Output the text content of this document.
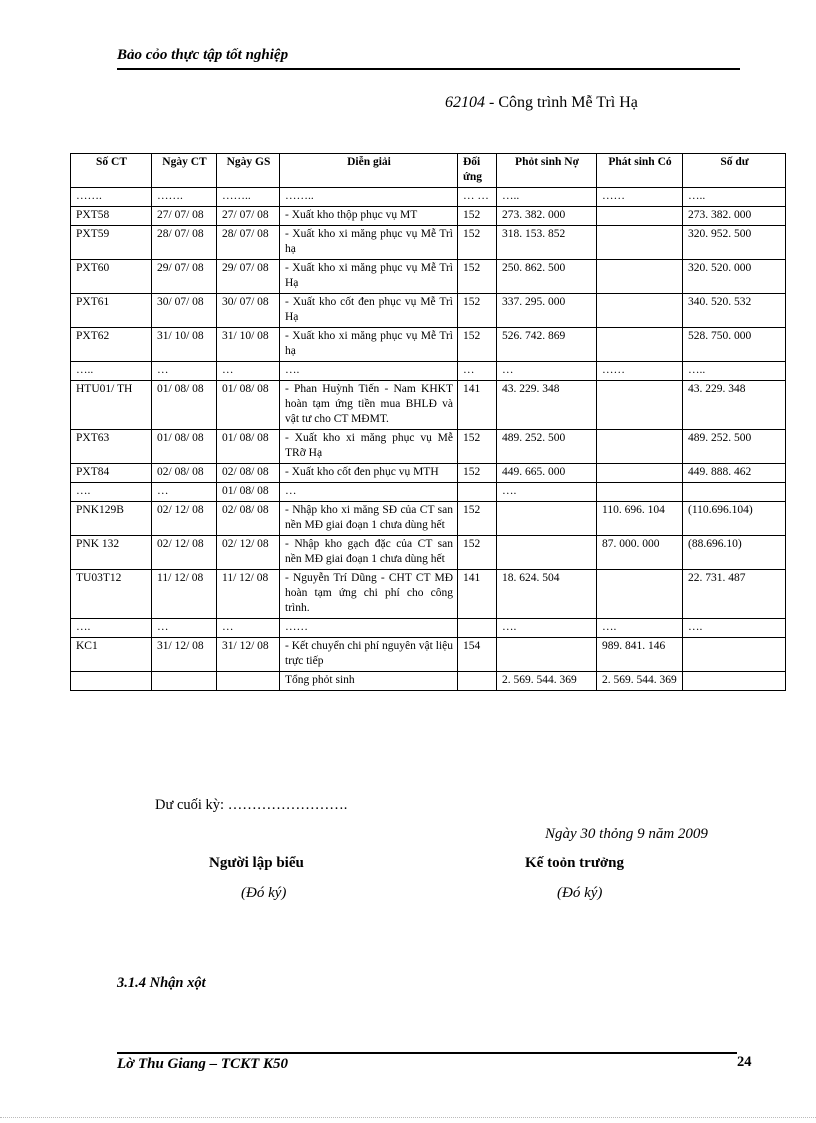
Bảo cỏo thực tập tốt nghiệp
62104 - Công trình Mễ Trì Hạ
Số CT	Ngày CT	Ngày GS	Diễn giải	Đối ứng	Phỏt sinh Nợ	Phát sinh Có	Số dư
…….	…….	……..	……..	… …	…..	……	…..
PXT58	27/ 07/ 08	27/ 07/ 08	- Xuất kho thộp phục vụ MT	152	273. 382. 000		273. 382. 000
PXT59	28/ 07/ 08	28/ 07/ 08	- Xuất kho xi măng phục vụ Mễ Trì hạ	152	318. 153. 852		320. 952. 500
PXT60	29/ 07/ 08	29/ 07/ 08	- Xuất kho xi măng phục vụ Mễ Trì Hạ	152	250. 862. 500		320. 520. 000
PXT61	30/ 07/ 08	30/ 07/ 08	- Xuất kho cốt đen phục vụ Mễ Trì Hạ	152	337. 295. 000		340. 520. 532
PXT62	31/ 10/ 08	31/ 10/ 08	- Xuất kho xi măng phục vụ Mễ Trì hạ	152	526. 742. 869		528. 750. 000
…..	…	…	….	…	…	……	…..
HTU01/ TH	01/ 08/ 08	01/ 08/ 08	- Phan Huỳnh Tiến - Nam KHKT hoàn tạm ứng tiền mua BHLĐ và vật tư cho CT MĐMT.	141	43. 229. 348		43. 229. 348
PXT63	01/ 08/ 08	01/ 08/ 08	- Xuất kho xi măng phục vụ Mễ TRỡ Hạ	152	489. 252. 500		489. 252. 500
PXT84	02/ 08/ 08	02/ 08/ 08	- Xuất kho cốt đen phục vụ MTH	152	449. 665. 000		449. 888. 462
….	…	01/ 08/ 08	…		….		
PNK129B	02/ 12/ 08	02/ 08/ 08	- Nhập kho xi măng SĐ của CT san nền MĐ giai đoạn 1 chưa dùng hết	152		110. 696. 104	(110.696.104)
PNK 132	02/ 12/ 08	02/ 12/ 08	- Nhập kho gạch đặc của CT san nền MĐ giai đoạn 1 chưa dùng hết	152		87. 000. 000	(88.696.10)
TU03T12	11/ 12/ 08	11/ 12/ 08	- Nguyễn Trí Dũng - CHT CT MĐ hoàn tạm ứng chi phí cho công trình.	141	18. 624. 504		22. 731. 487
….	…	…	……		….	….	….
KC1	31/ 12/ 08	31/ 12/ 08	- Kết chuyển chi phí nguyên vật liệu trực tiếp	154		989. 841. 146	
			Tổng phỏt sinh		2. 569. 544. 369	2. 569. 544. 369	
Dư cuối kỳ: …………………….
Ngày 30 thỏng 9 năm 2009
Người lập biểu
(Đó ký)
Kế toỏn trưởng
(Đó ký)
3.1.4 Nhận xột
Lờ Thu Giang – TCKT K50	24
